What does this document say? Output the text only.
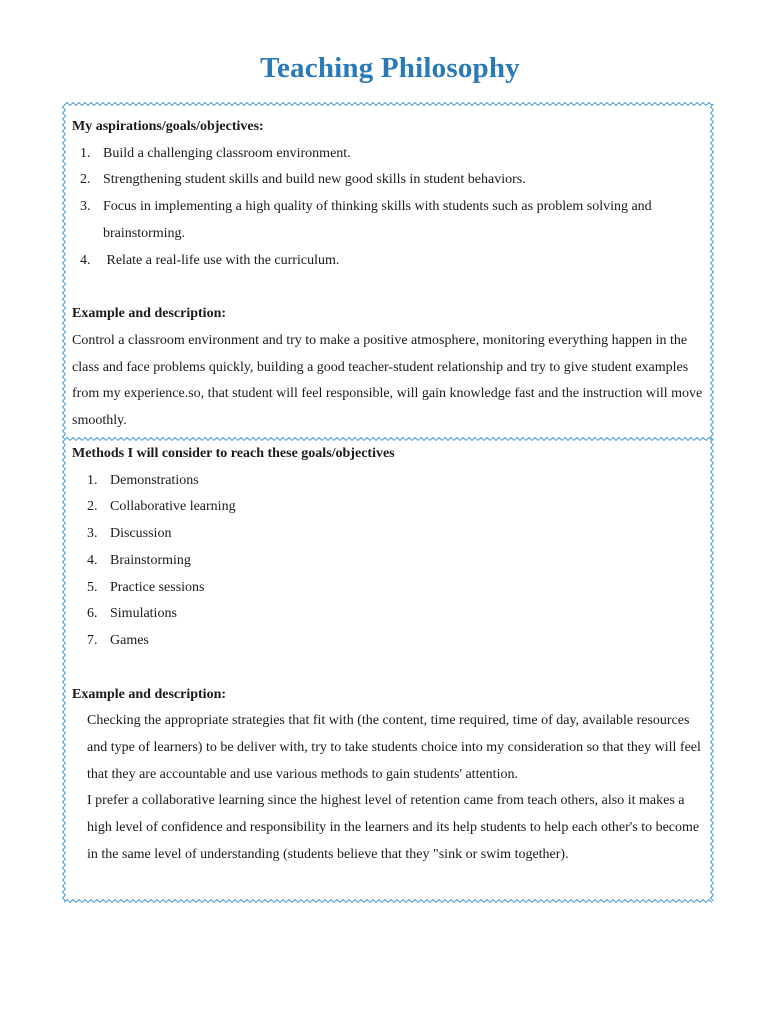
Teaching Philosophy

My aspirations/goals/objectives:

1. Build a challenging classroom environment.
2. Strengthening student skills and build new good skills in student behaviors.
3. Focus in implementing a high quality of thinking skills with students such as problem solving and brainstorming.
4. Relate a real-life use with the curriculum.

Example and description:

Control a classroom environment and try to make a positive atmosphere, monitoring everything happen in the class and face problems quickly, building a good teacher-student relationship and try to give student examples from my experience.so, that student will feel responsible, will gain knowledge fast and the instruction will move smoothly.

Methods I will consider to reach these goals/objectives

1. Demonstrations
2. Collaborative learning
3. Discussion
4. Brainstorming
5. Practice sessions
6. Simulations
7. Games

Example and description:

Checking the appropriate strategies that fit with (the content, time required, time of day, available resources and type of learners) to be deliver with, try to take students choice into my consideration so that they will feel that they are accountable and use various methods to gain students' attention.

I prefer a collaborative learning since the highest level of retention came from teach others, also it makes a high level of confidence and responsibility in the learners and its help students to help each other's to become in the same level of understanding (students believe that they "sink or swim together).
